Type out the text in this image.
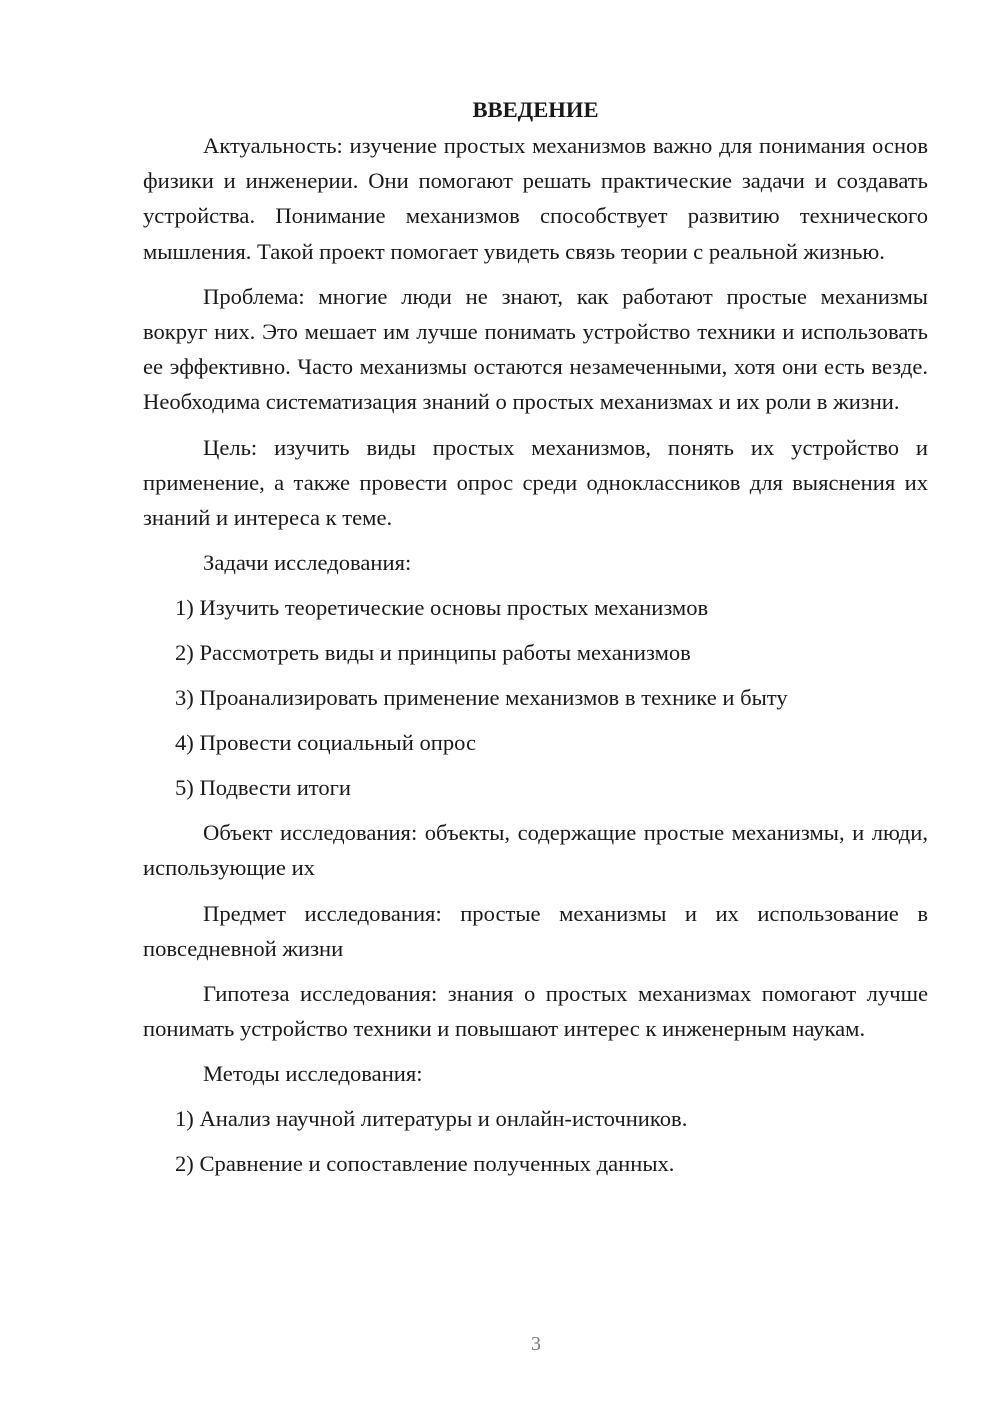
ВВЕДЕНИЕ

Актуальность: изучение простых механизмов важно для понимания основ физики и инженерии. Они помогают решать практические задачи и создавать устройства. Понимание механизмов способствует развитию технического мышления. Такой проект помогает увидеть связь теории с реальной жизнью.

Проблема: многие люди не знают, как работают простые механизмы вокруг них. Это мешает им лучше понимать устройство техники и использовать ее эффективно. Часто механизмы остаются незамеченными, хотя они есть везде. Необходима систематизация знаний о простых механизмах и их роли в жизни.

Цель: изучить виды простых механизмов, понять их устройство и применение, а также провести опрос среди одноклассников для выяснения их знаний и интереса к теме.

Задачи исследования:

1) Изучить теоретические основы простых механизмов

2) Рассмотреть виды и принципы работы механизмов

3) Проанализировать применение механизмов в технике и быту

4) Провести социальный опрос

5) Подвести итоги

Объект исследования: объекты, содержащие простые механизмы, и люди, использующие их

Предмет исследования: простые механизмы и их использование в повседневной жизни

Гипотеза исследования: знания о простых механизмах помогают лучше понимать устройство техники и повышают интерес к инженерным наукам.

Методы исследования:

1) Анализ научной литературы и онлайн-источников.

2) Сравнение и сопоставление полученных данных.

3
